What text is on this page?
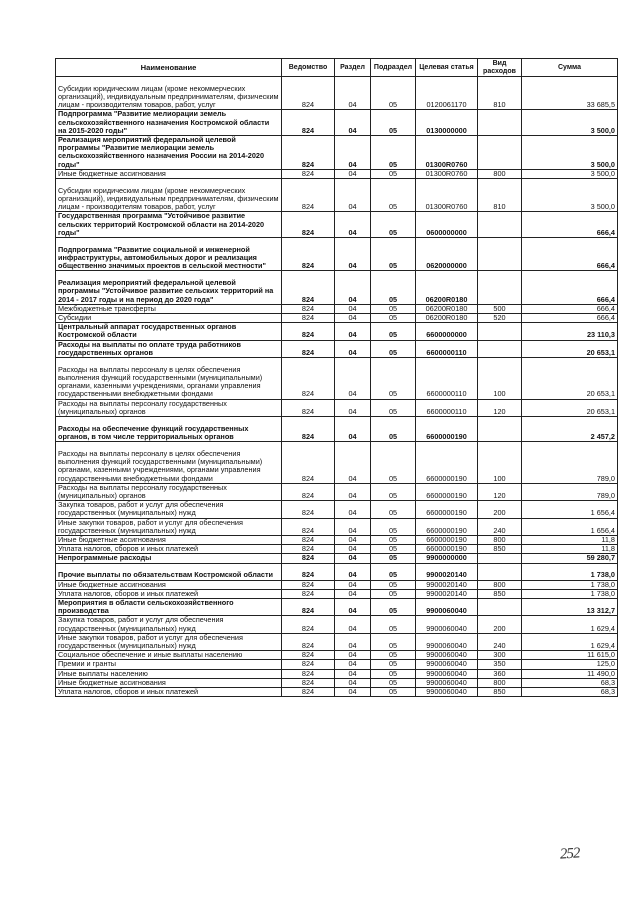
Наименование	Ведомство	Раздел	Подраздел	Целевая статья	Вид расходов	Сумма
Субсидии юридическим лицам (кроме некоммерческих организаций), индивидуальным предпринимателям, физическим лицам - производителям товаров, работ, услуг	824	04	05	0120061170	810	33 685,5
Подпрограмма "Развитие мелиорации земель сельскохозяйственного назначения Костромской области на 2015-2020 годы"	824	04	05	0130000000		3 500,0
Реализация мероприятий федеральной целевой программы "Развитие мелиорации земель сельскохозяйственного назначения России на 2014-2020 годы"	824	04	05	01300R0760		3 500,0
Иные бюджетные ассигнования	824	04	05	01300R0760	800	3 500,0
Субсидии юридическим лицам (кроме некоммерческих организаций), индивидуальным предпринимателям, физическим лицам - производителям товаров, работ, услуг	824	04	05	01300R0760	810	3 500,0
Государственная программа "Устойчивое развитие сельских территорий Костромской области на 2014-2020 годы"	824	04	05	0600000000		666,4
Подпрограмма "Развитие социальной и инженерной инфраструктуры, автомобильных дорог и реализация общественно значимых проектов в сельской местности"	824	04	05	0620000000		666,4
Реализация мероприятий федеральной целевой программы "Устойчивое развитие сельских территорий на 2014 - 2017 годы и на период до 2020 года"	824	04	05	06200R0180		666,4
Межбюджетные трансферты	824	04	05	06200R0180	500	666,4
Субсидии	824	04	05	06200R0180	520	666,4
Центральный аппарат государственных органов Костромской области	824	04	05	6600000000		23 110,3
Расходы на выплаты по оплате труда работников государственных органов	824	04	05	6600000110		20 653,1
Расходы на выплаты персоналу в целях обеспечения выполнения функций государственными (муниципальными) органами, казенными учреждениями, органами управления государственными внебюджетными фондами	824	04	05	6600000110	100	20 653,1
Расходы на выплаты персоналу государственных (муниципальных) органов	824	04	05	6600000110	120	20 653,1
Расходы на обеспечение функций государственных органов, в том числе территориальных органов	824	04	05	6600000190		2 457,2
Расходы на выплаты персоналу в целях обеспечения выполнения функций государственными (муниципальными) органами, казенными учреждениями, органами управления государственными внебюджетными фондами	824	04	05	6600000190	100	789,0
Расходы на выплаты персоналу государственных (муниципальных) органов	824	04	05	6600000190	120	789,0
Закупка товаров, работ и услуг для обеспечения государственных (муниципальных) нужд	824	04	05	6600000190	200	1 656,4
Иные закупки товаров, работ и услуг для обеспечения государственных (муниципальных) нужд	824	04	05	6600000190	240	1 656,4
Иные бюджетные ассигнования	824	04	05	6600000190	800	11,8
Уплата налогов, сборов и иных платежей	824	04	05	6600000190	850	11,8
Непрограммные расходы	824	04	05	9900000000		59 280,7
Прочие выплаты по обязательствам Костромской области	824	04	05	9900020140		1 738,0
Иные бюджетные ассигнования	824	04	05	9900020140	800	1 738,0
Уплата налогов, сборов и иных платежей	824	04	05	9900020140	850	1 738,0
Мероприятия в области сельскохозяйственного производства	824	04	05	9900060040		13 312,7
Закупка товаров, работ и услуг для обеспечения государственных (муниципальных) нужд	824	04	05	9900060040	200	1 629,4
Иные закупки товаров, работ и услуг для обеспечения государственных (муниципальных) нужд	824	04	05	9900060040	240	1 629,4
Социальное обеспечение и иные выплаты населению	824	04	05	9900060040	300	11 615,0
Премии и гранты	824	04	05	9900060040	350	125,0
Иные выплаты населению	824	04	05	9900060040	360	11 490,0
Иные бюджетные ассигнования	824	04	05	9900060040	800	68,3
Уплата налогов, сборов и иных платежей	824	04	05	9900060040	850	68,3
252
